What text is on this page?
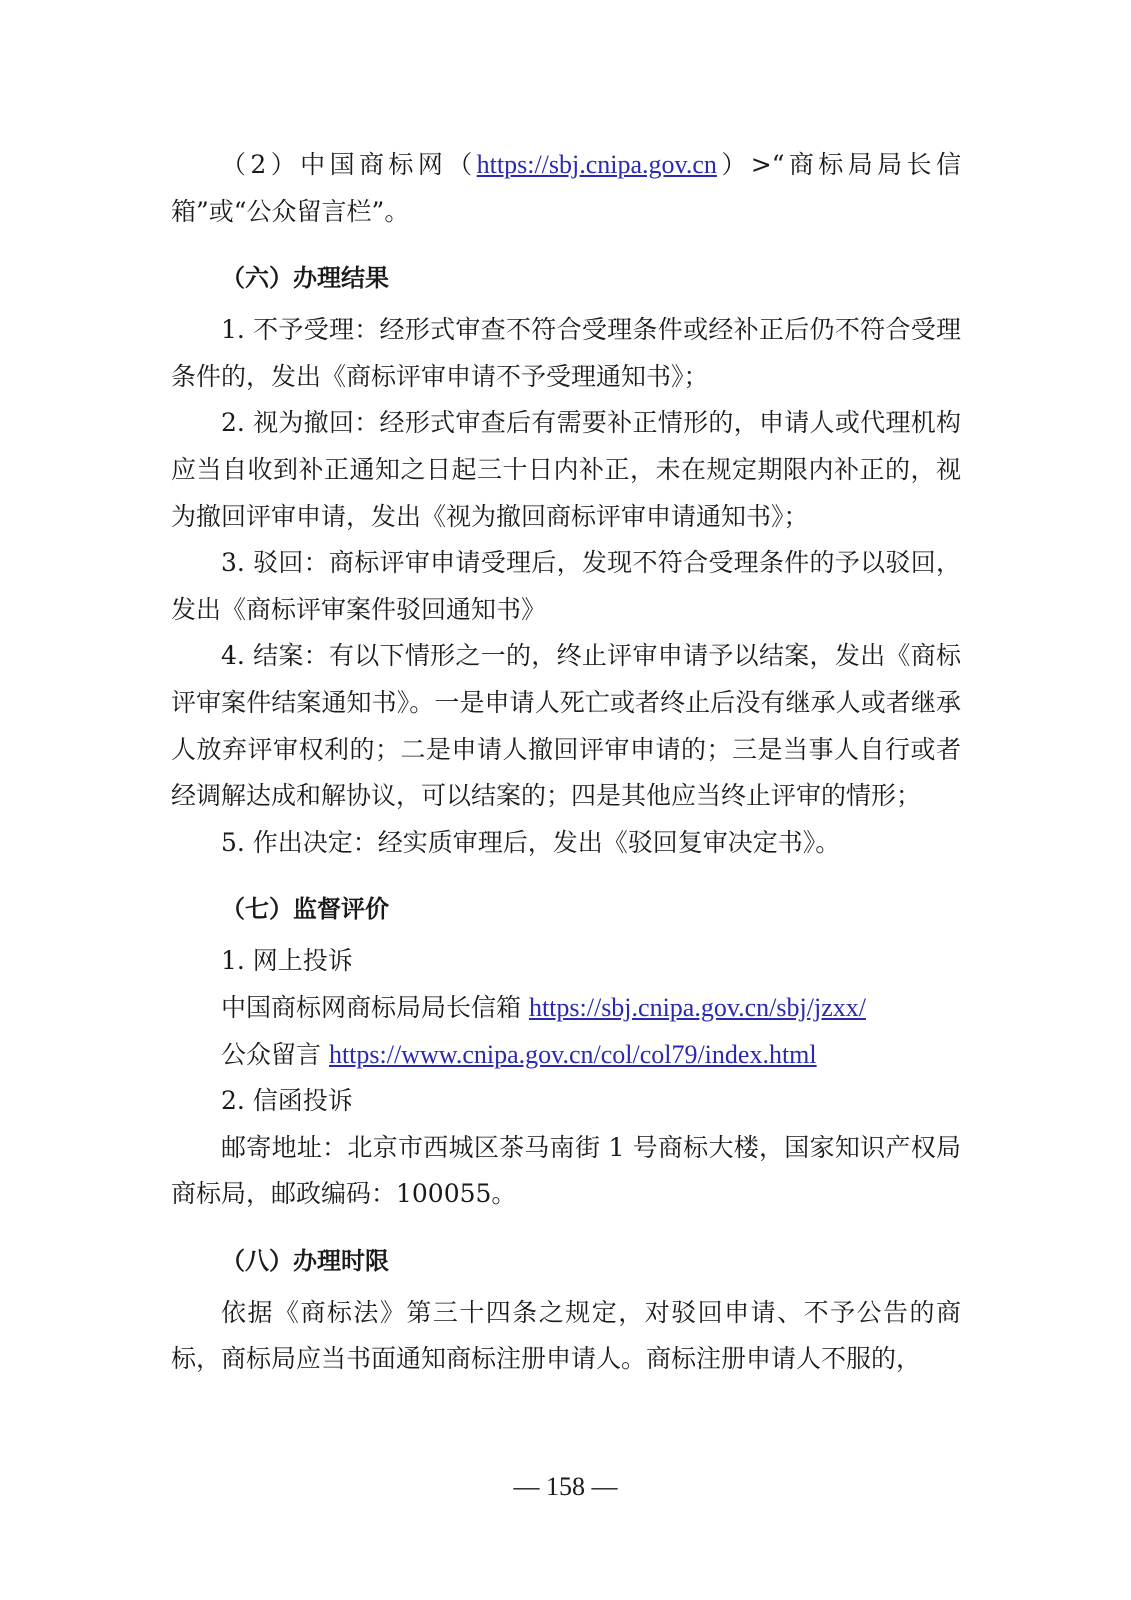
（2）中国商标网（https://sbj.cnipa.gov.cn）>“商标局局长信箱”或“公众留言栏”。

（六）办理结果

1. 不予受理：经形式审查不符合受理条件或经补正后仍不符合受理条件的，发出《商标评审申请不予受理通知书》；

2. 视为撤回：经形式审查后有需要补正情形的，申请人或代理机构应当自收到补正通知之日起三十日内补正，未在规定期限内补正的，视为撤回评审申请，发出《视为撤回商标评审申请通知书》；

3. 驳回：商标评审申请受理后，发现不符合受理条件的予以驳回，发出《商标评审案件驳回通知书》

4. 结案：有以下情形之一的，终止评审申请予以结案，发出《商标评审案件结案通知书》。一是申请人死亡或者终止后没有继承人或者继承人放弃评审权利的；二是申请人撤回评审申请的；三是当事人自行或者经调解达成和解协议，可以结案的；四是其他应当终止评审的情形；

5. 作出决定：经实质审理后，发出《驳回复审决定书》。

（七）监督评价

1. 网上投诉

中国商标网商标局局长信箱 https://sbj.cnipa.gov.cn/sbj/jzxx/

公众留言 https://www.cnipa.gov.cn/col/col79/index.html

2. 信函投诉

邮寄地址：北京市西城区茶马南街 1 号商标大楼，国家知识产权局商标局，邮政编码：100055。

（八）办理时限

依据《商标法》第三十四条之规定，对驳回申请、不予公告的商标，商标局应当书面通知商标注册申请人。商标注册申请人不服的，

— 158 —
